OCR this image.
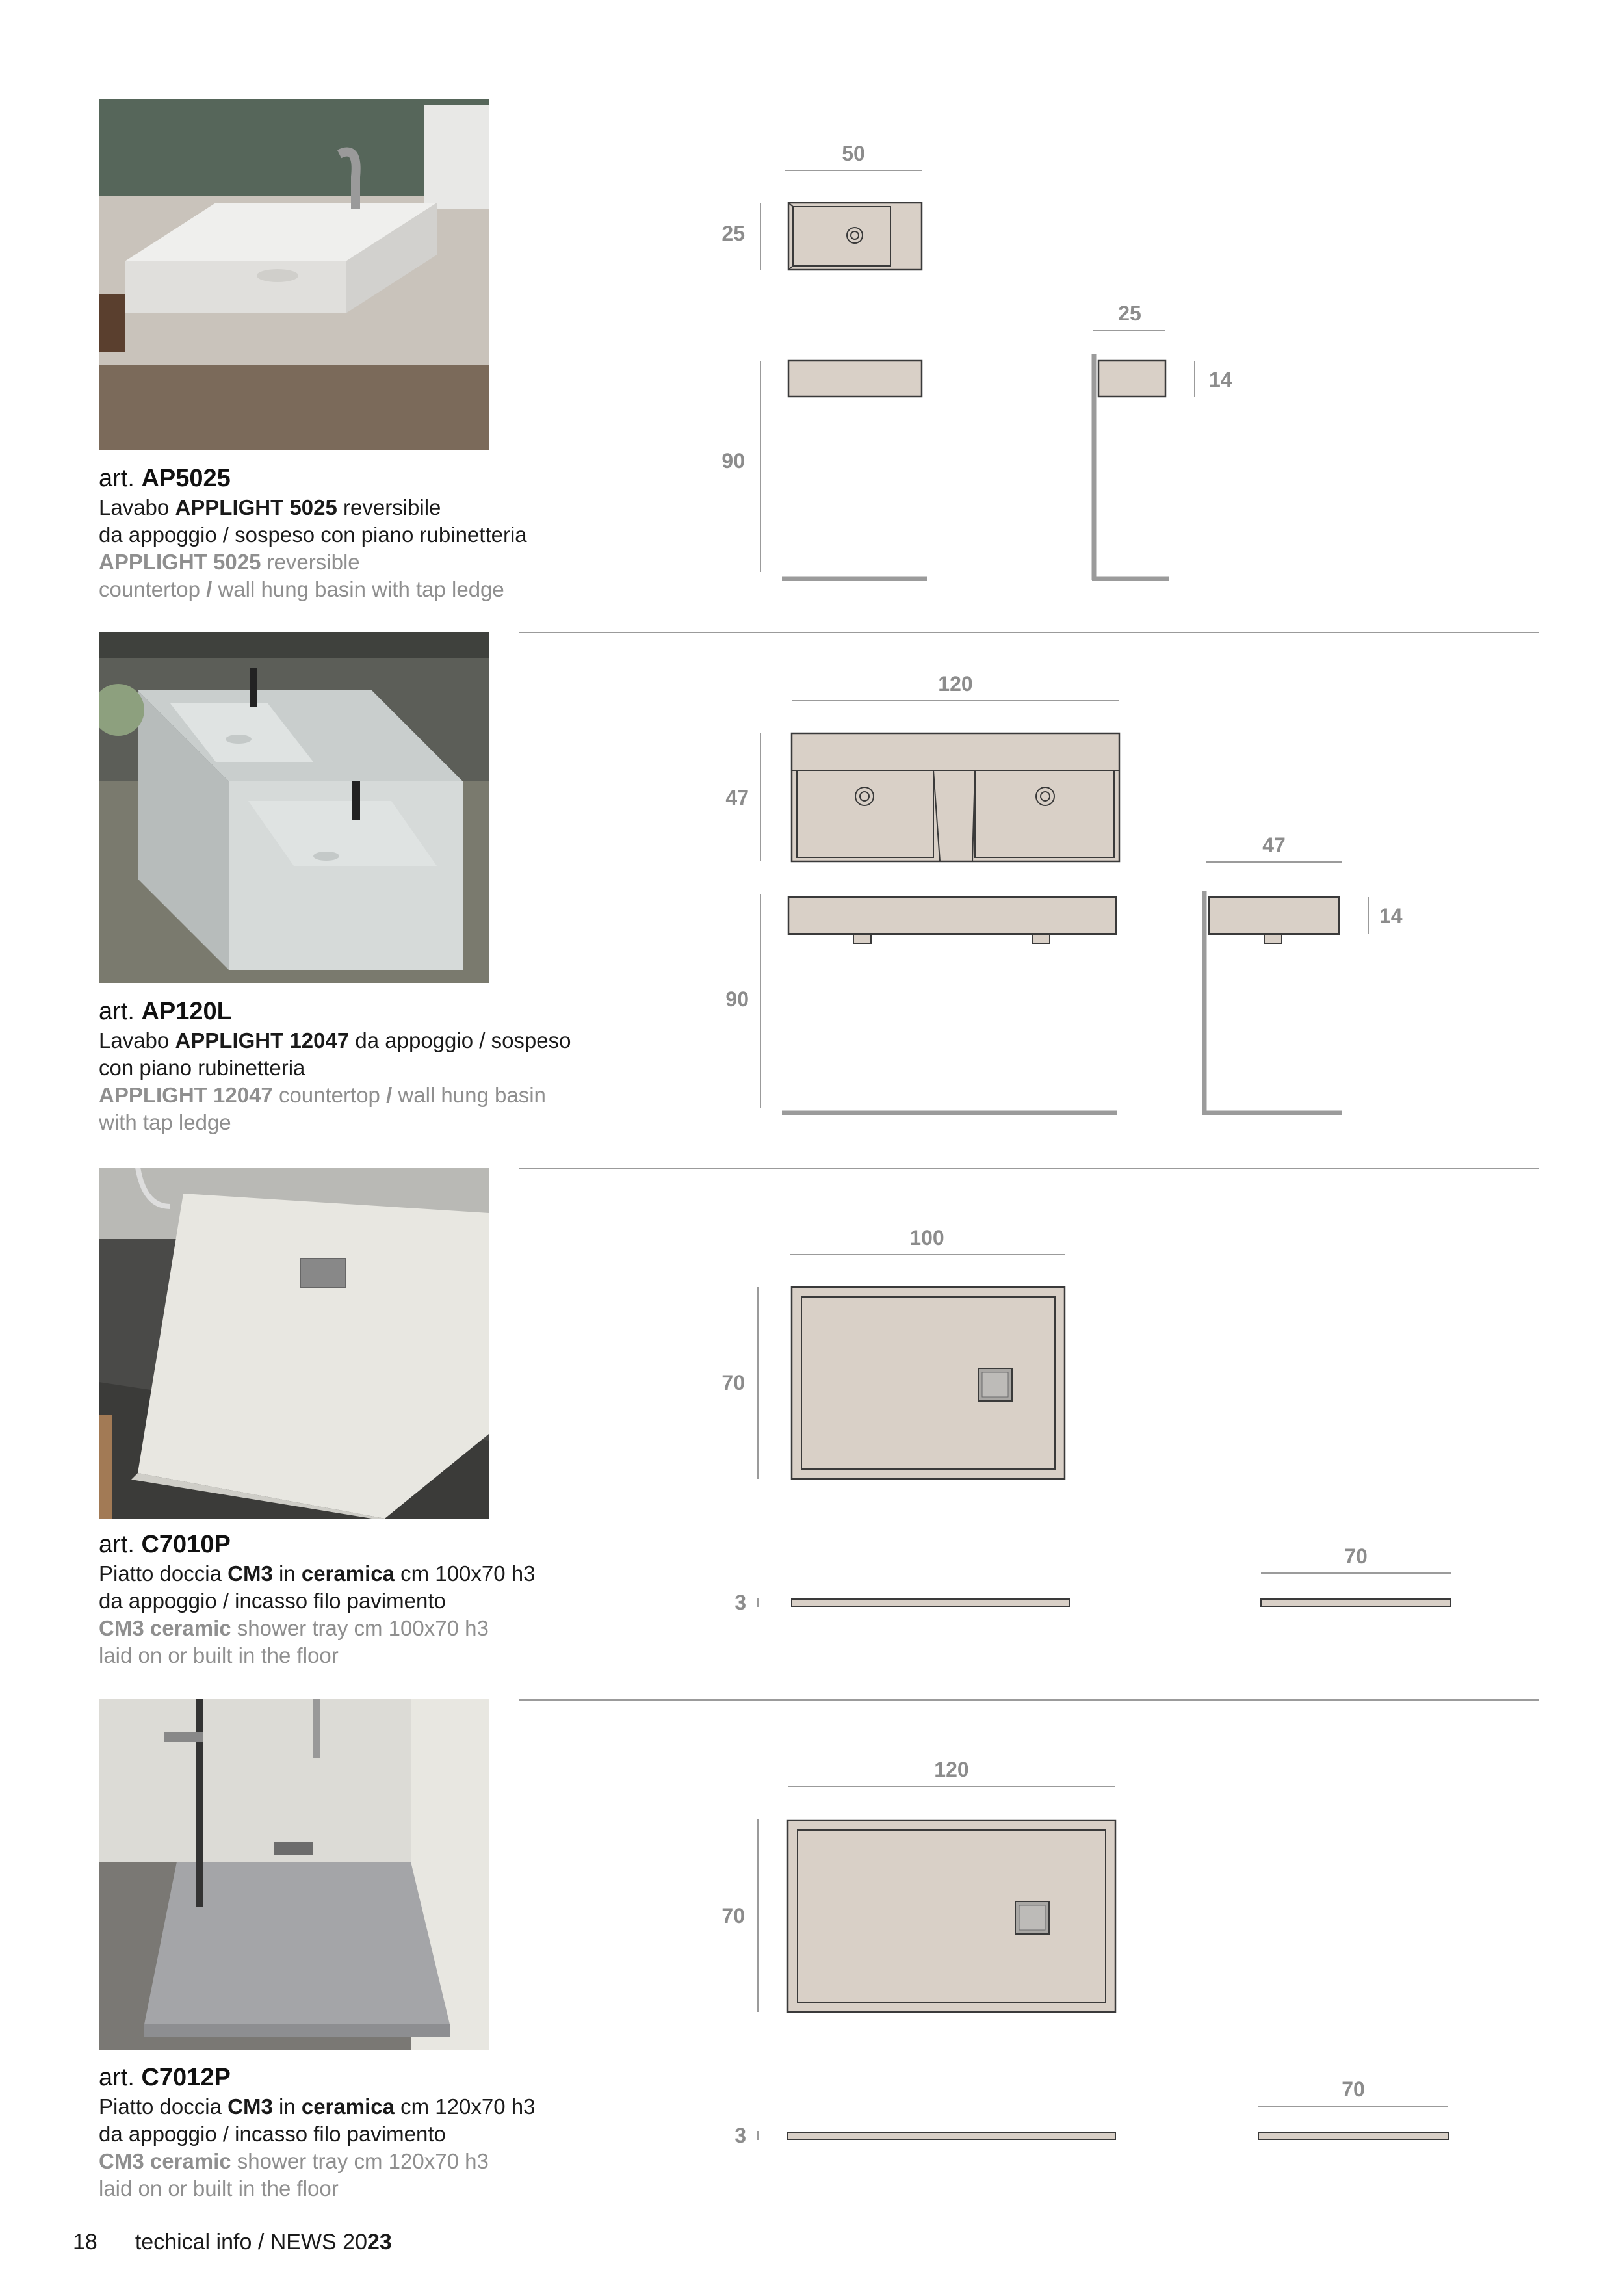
art. AP5025
Lavabo APPLIGHT 5025 reversibile
da appoggio / sospeso con piano rubinetteria
APPLIGHT 5025 reversible
countertop / wall hung basin with tap ledge
50
25
90
25
14
art. AP120L
Lavabo APPLIGHT 12047 da appoggio / sospeso
con piano rubinetteria
APPLIGHT 12047 countertop / wall hung basin
with tap ledge
120
47
90
47
14
art. C7010P
Piatto doccia CM3 in ceramica cm 100x70 h3
da appoggio / incasso filo pavimento
CM3 ceramic shower tray cm 100x70 h3
laid on or built in the floor
100
70
3
70
art. C7012P
Piatto doccia CM3 in ceramica cm 120x70 h3
da appoggio / incasso filo pavimento
CM3 ceramic shower tray cm 120x70 h3
laid on or built in the floor
120
70
3
70
18 techical info / NEWS 2023
